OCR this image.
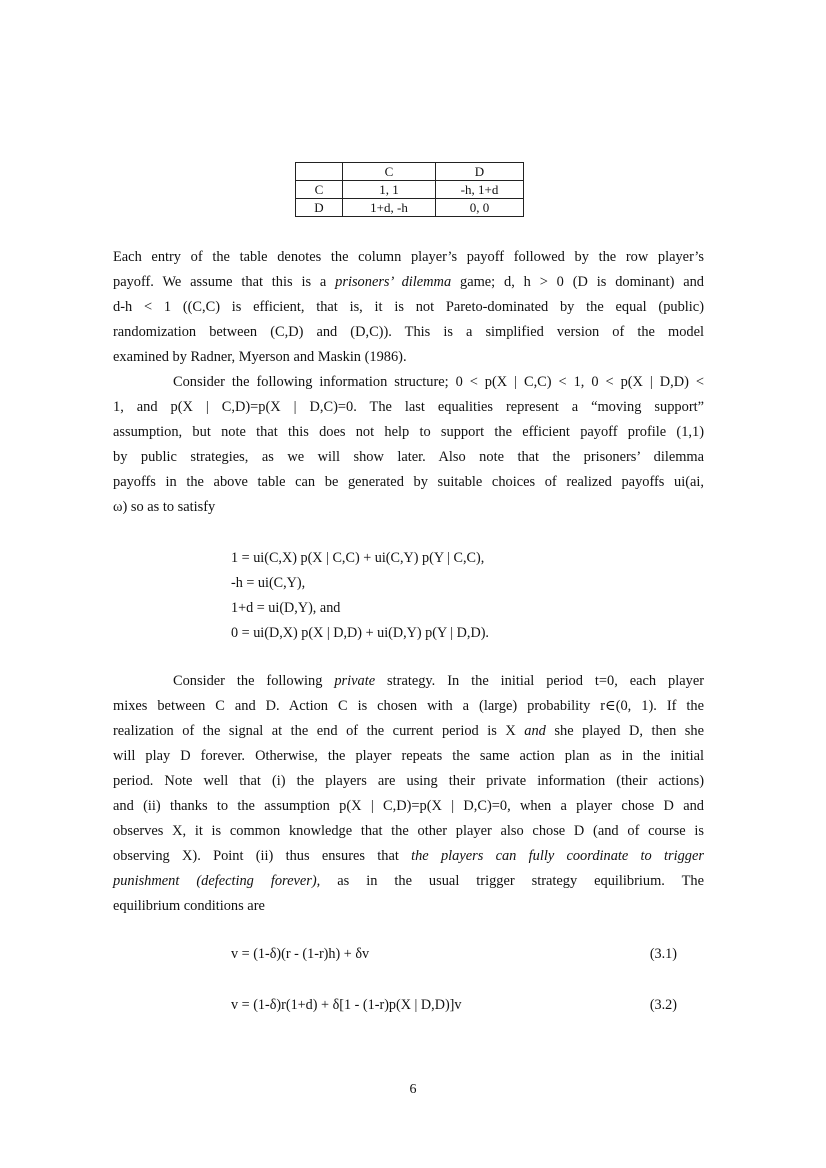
	C	D
C	1, 1	-h, 1+d
D	1+d, -h	0, 0
Each entry of the table denotes the column player’s payoff followed by the row player’s
payoff. We assume that this is a prisoners’ dilemma game; d, h > 0 (D is dominant) and
d-h < 1 ((C,C) is efficient, that is, it is not Pareto-dominated by the equal (public)
randomization between (C,D) and (D,C)). This is a simplified version of the model
examined by Radner, Myerson and Maskin (1986).
Consider the following information structure; 0 < p(X | C,C) < 1, 0 < p(X | D,D) <
1, and p(X | C,D)=p(X | D,C)=0. The last equalities represent a “moving support”
assumption, but note that this does not help to support the efficient payoff profile (1,1)
by public strategies, as we will show later. Also note that the prisoners’ dilemma
payoffs in the above table can be generated by suitable choices of realized payoffs ui(ai,
ω) so as to satisfy
1 = ui(C,X) p(X | C,C) + ui(C,Y) p(Y | C,C),
-h = ui(C,Y),
1+d = ui(D,Y), and
0 = ui(D,X) p(X | D,D) + ui(D,Y) p(Y | D,D).
Consider the following private strategy. In the initial period t=0, each player
mixes between C and D. Action C is chosen with a (large) probability r∈(0, 1). If the
realization of the signal at the end of the current period is X and she played D, then she
will play D forever. Otherwise, the player repeats the same action plan as in the initial
period. Note well that (i) the players are using their private information (their actions)
and (ii) thanks to the assumption p(X | C,D)=p(X | D,C)=0, when a player chose D and
observes X, it is common knowledge that the other player also chose D (and of course is
observing X). Point (ii) thus ensures that the players can fully coordinate to trigger
punishment (defecting forever), as in the usual trigger strategy equilibrium. The
equilibrium conditions are
v = (1-δ)(r - (1-r)h) + δv	(3.1)
v = (1-δ)r(1+d) + δ[1 - (1-r)p(X | D,D)]v	(3.2)
6
